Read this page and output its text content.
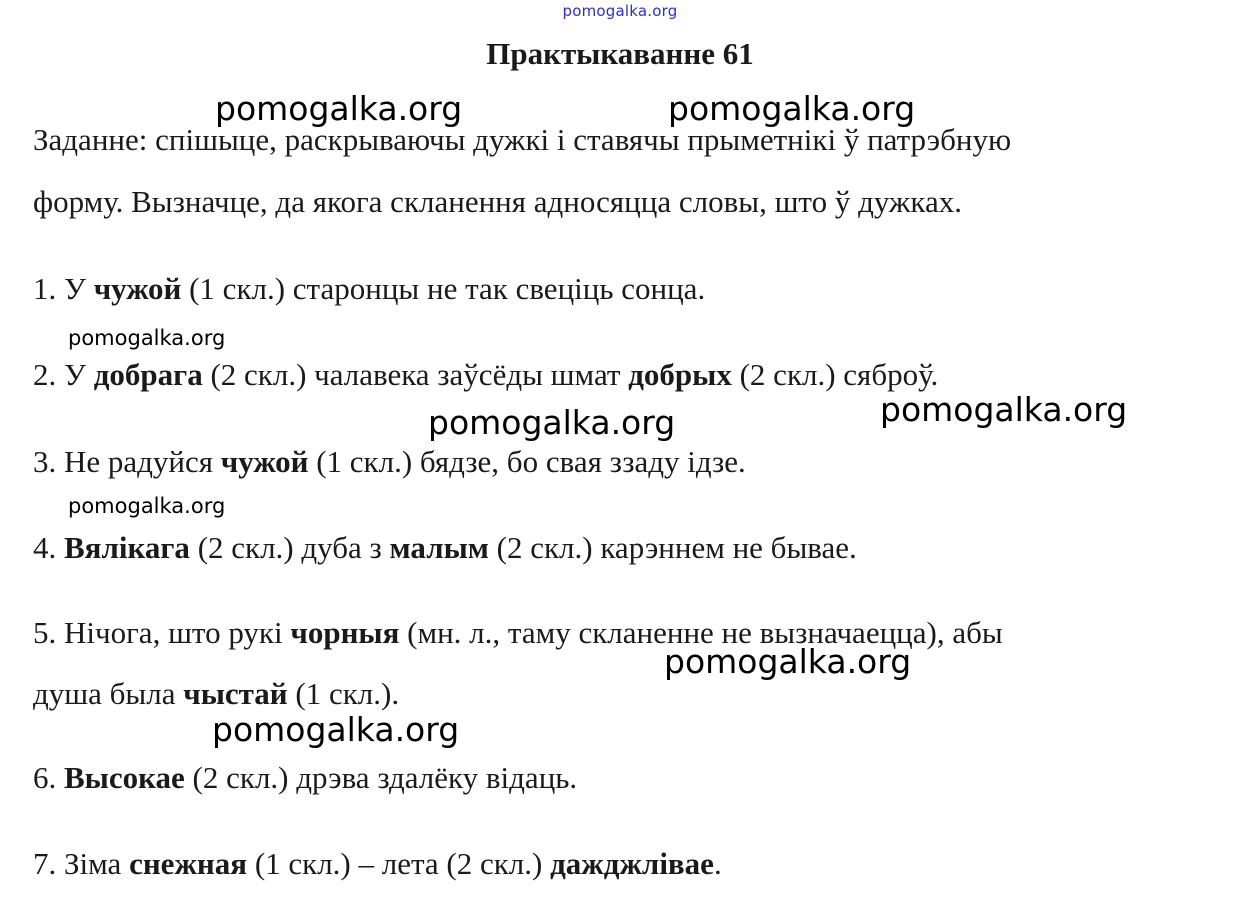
pomogalka.org
Практыкаванне 61
Заданне: спішыце, раскрываючы дужкі і ставячы прыметнікі ў патрэбную
форму. Вызначце, да якога скланення адносяцца словы, што ў дужках.
1. У чужой (1 скл.) старонцы не так свеціць сонца.
2. У добрага (2 скл.) чалавека заўсёды шмат добрых (2 скл.) сяброў.
3. Не радуйся чужой (1 скл.) бядзе, бо свая ззаду ідзе.
4. Вялікага (2 скл.) дуба з малым (2 скл.) карэннем не бывае.
5. Нічога, што рукі чорныя (мн. л., таму скланенне не вызначаецца), абы
душа была чыстай (1 скл.).
6. Высокае (2 скл.) дрэва здалёку відаць.
7. Зіма снежная (1 скл.) – лета (2 скл.) дажджлівае.
pomogalka.org	pomogalka.org
pomogalka.org
pomogalka.org
pomogalka.org
pomogalka.org
pomogalka.org
pomogalka.org
